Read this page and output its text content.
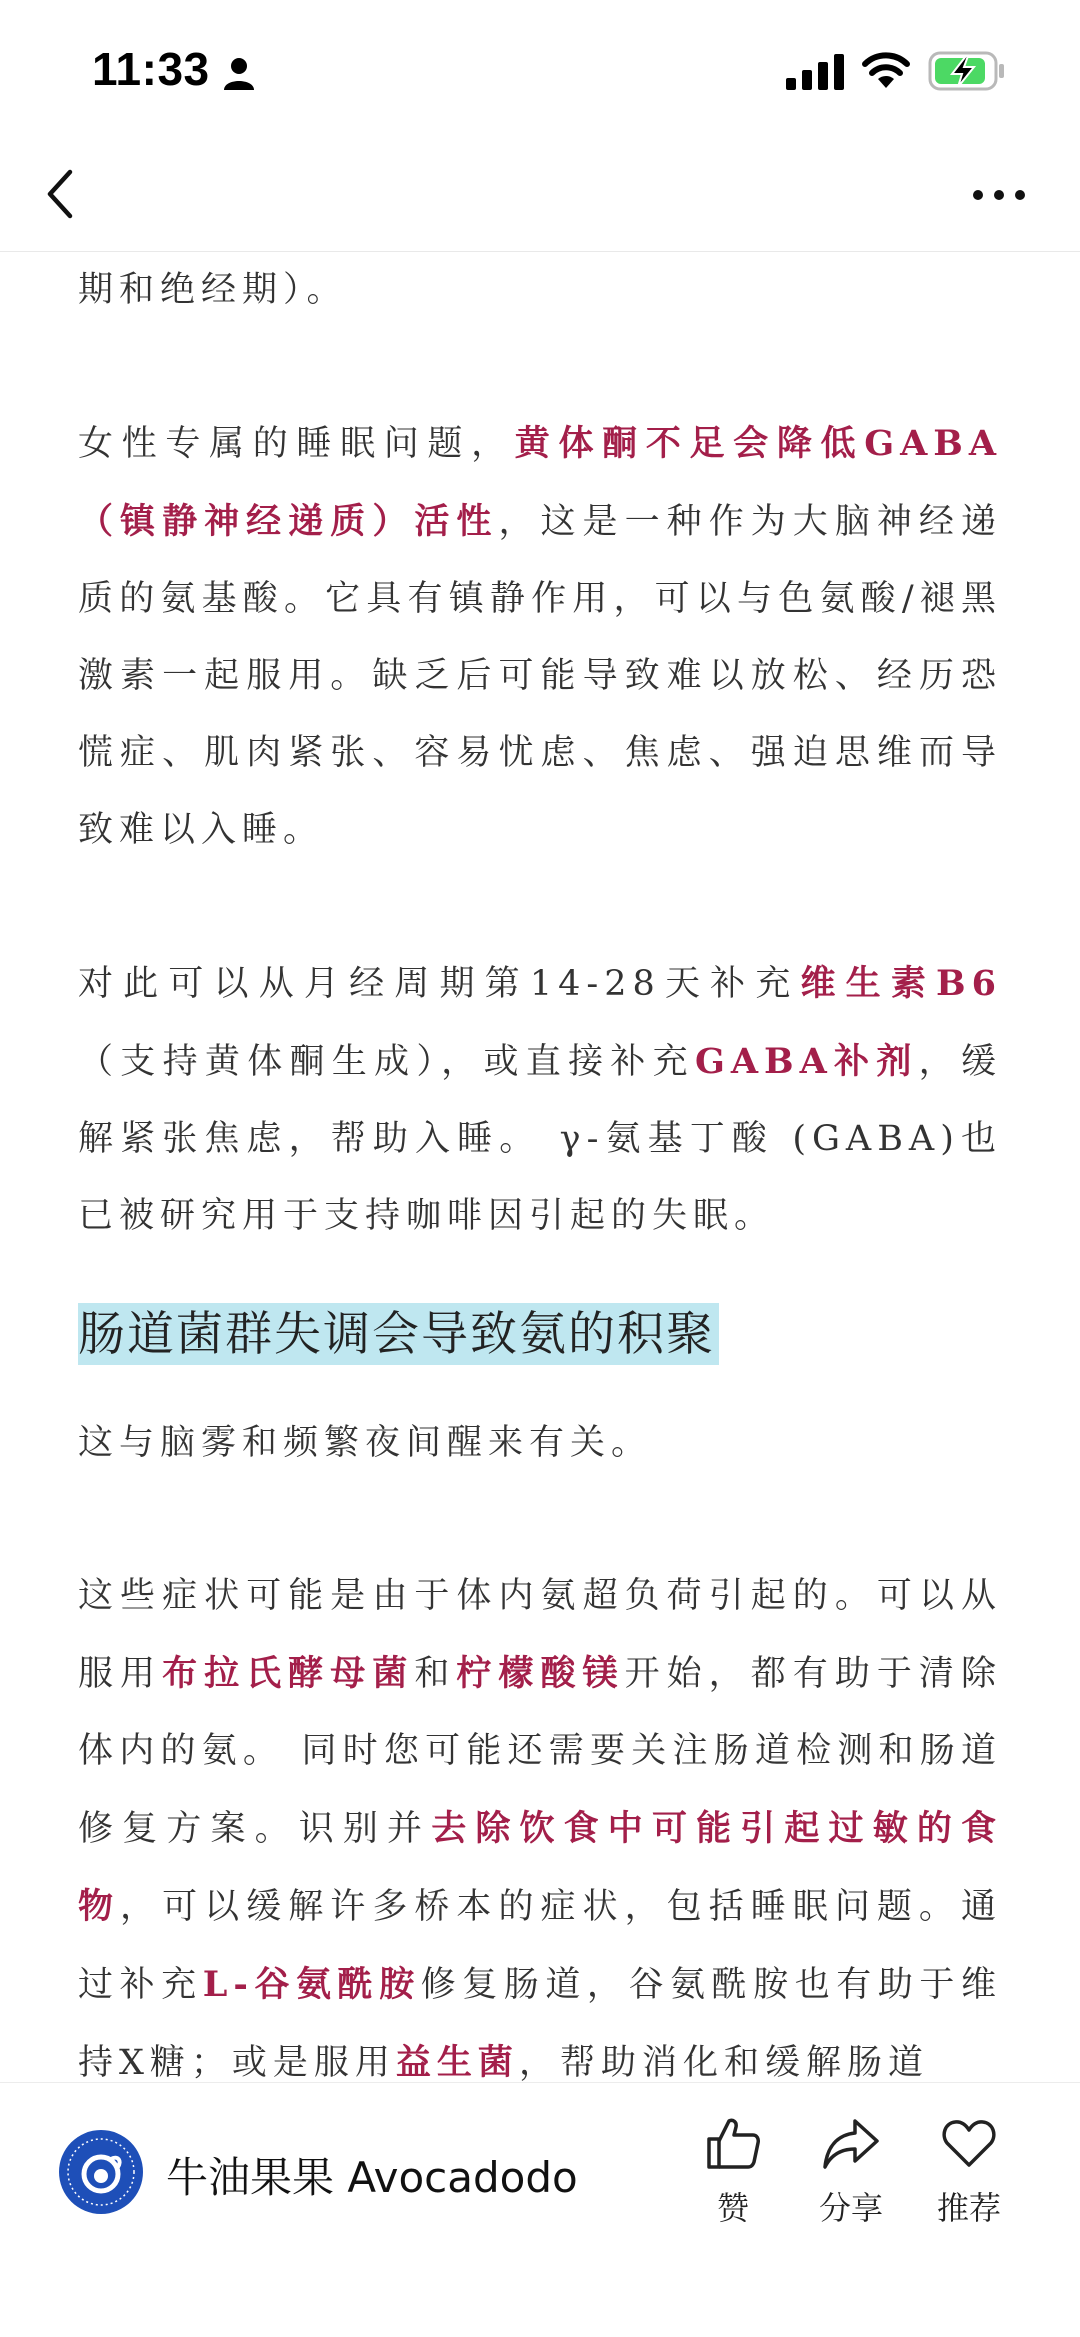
11:33

期和绝经期）。

女性专属的睡眠问题，黄体酮不足会降低GABA（镇静神经递质）活性，这是一种作为大脑神经递质的氨基酸。它具有镇静作用，可以与色氨酸/褪黑激素一起服用。缺乏后可能导致难以放松、经历恐慌症、肌肉紧张、容易忧虑、焦虑、强迫思维而导致难以入睡。

对此可以从月经周期第14-28天补充维生素B6（支持黄体酮生成），或直接补充GABA补剂，缓解紧张焦虑，帮助入睡。 γ-氨基丁酸 (GABA)也已被研究用于支持咖啡因引起的失眠。

肠道菌群失调会导致氨的积聚

这与脑雾和频繁夜间醒来有关。

这些症状可能是由于体内氨超负荷引起的。可以从服用布拉氏酵母菌和柠檬酸镁开始，都有助于清除体内的氨。 同时您可能还需要关注肠道检测和肠道修复方案。识别并去除饮食中可能引起过敏的食物，可以缓解许多桥本的症状，包括睡眠问题。通过补充L-谷氨酰胺修复肠道，谷氨酰胺也有助于维持X糖；或是服用益生菌，帮助消化和缓解肠道

牛油果果 Avocadodo
赞	分享	推荐
